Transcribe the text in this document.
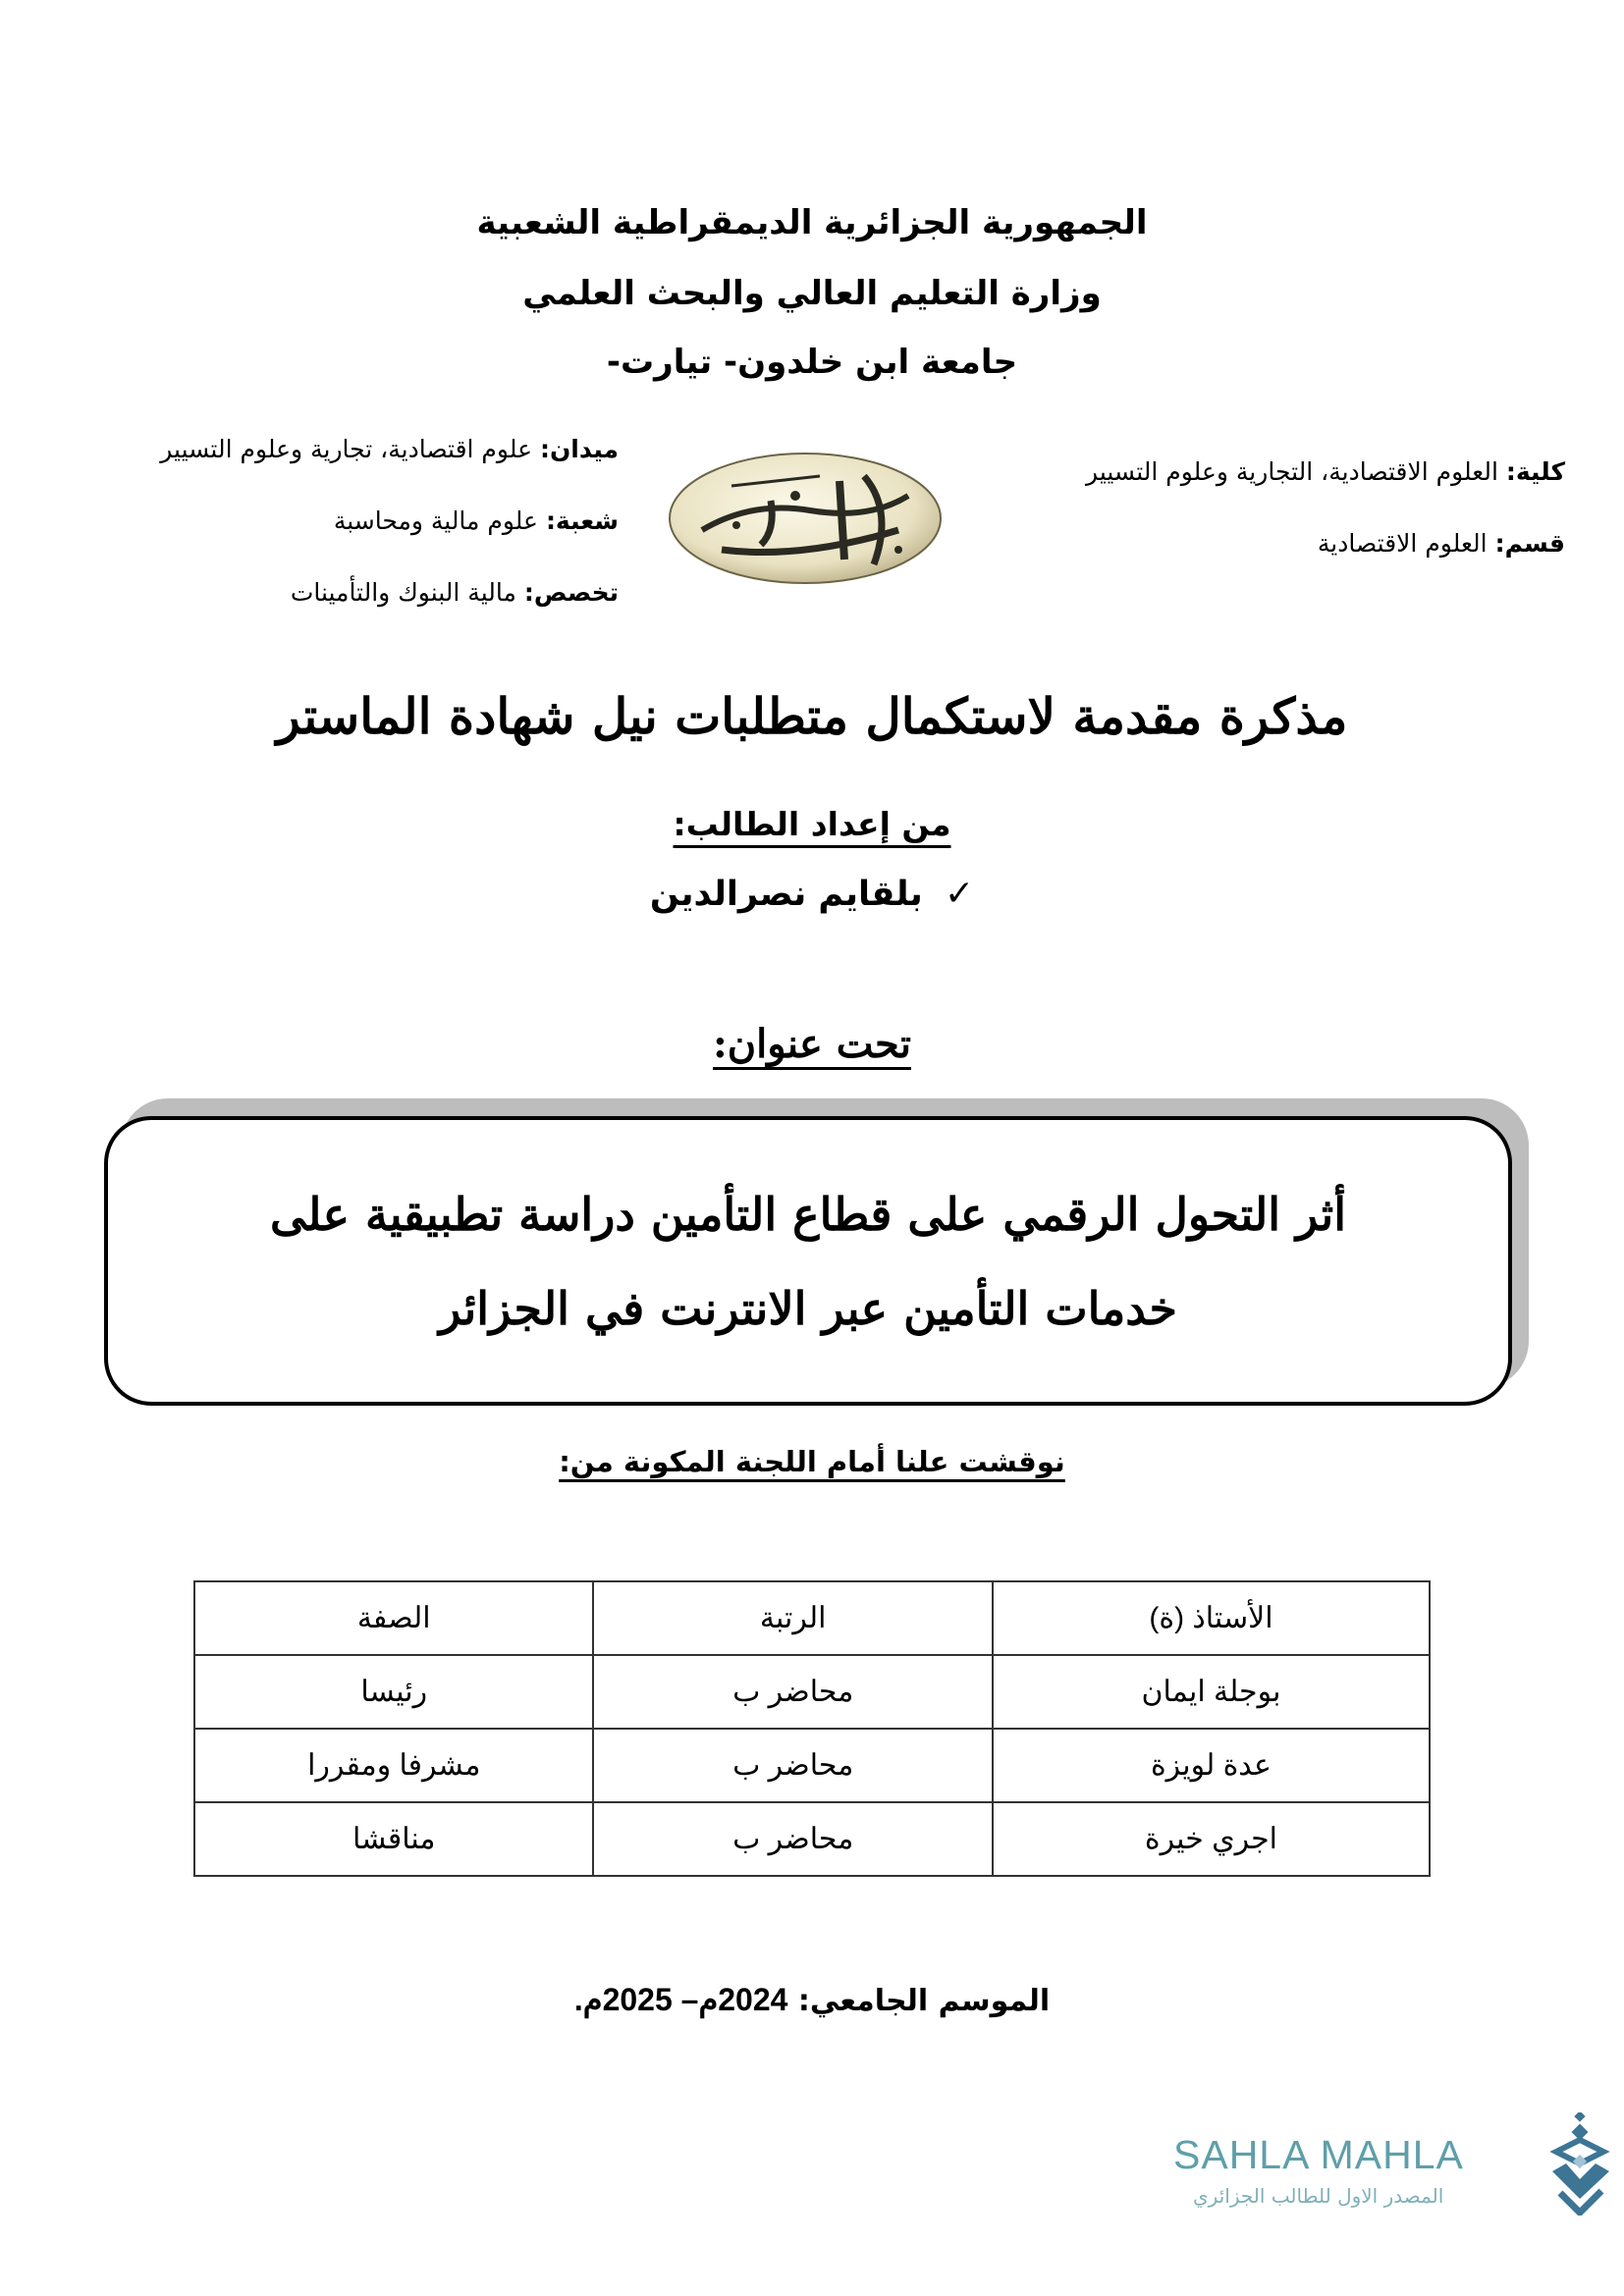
الجمهورية الجزائرية الديمقراطية الشعبية
وزارة التعليم العالي والبحث العلمي
جامعة ابن خلدون- تيارت-
كلية: العلوم الاقتصادية، التجارية وعلوم التسيير
قسم: العلوم الاقتصادية
ميدان: علوم اقتصادية، تجارية وعلوم التسيير
شعبة: علوم مالية ومحاسبة
تخصص: مالية البنوك والتأمينات
مذكرة مقدمة لاستكمال متطلبات نيل شهادة الماستر
من إعداد الطالب:
✓ بلقايم نصرالدين
تحت عنوان:
أثر التحول الرقمي على قطاع التأمين دراسة تطبيقية على
خدمات التأمين عبر الانترنت في الجزائر
نوقشت علنا أمام اللجنة المكونة من:
الأستاذ (ة)	الرتبة	الصفة
بوجلة ايمان	محاضر ب	رئيسا
عدة لويزة	محاضر ب	مشرفا ومقررا
اجري خيرة	محاضر ب	مناقشا
الموسم الجامعي: 2024م– 2025م.
SAHLA MAHLA
المصدر الاول للطالب الجزائري
